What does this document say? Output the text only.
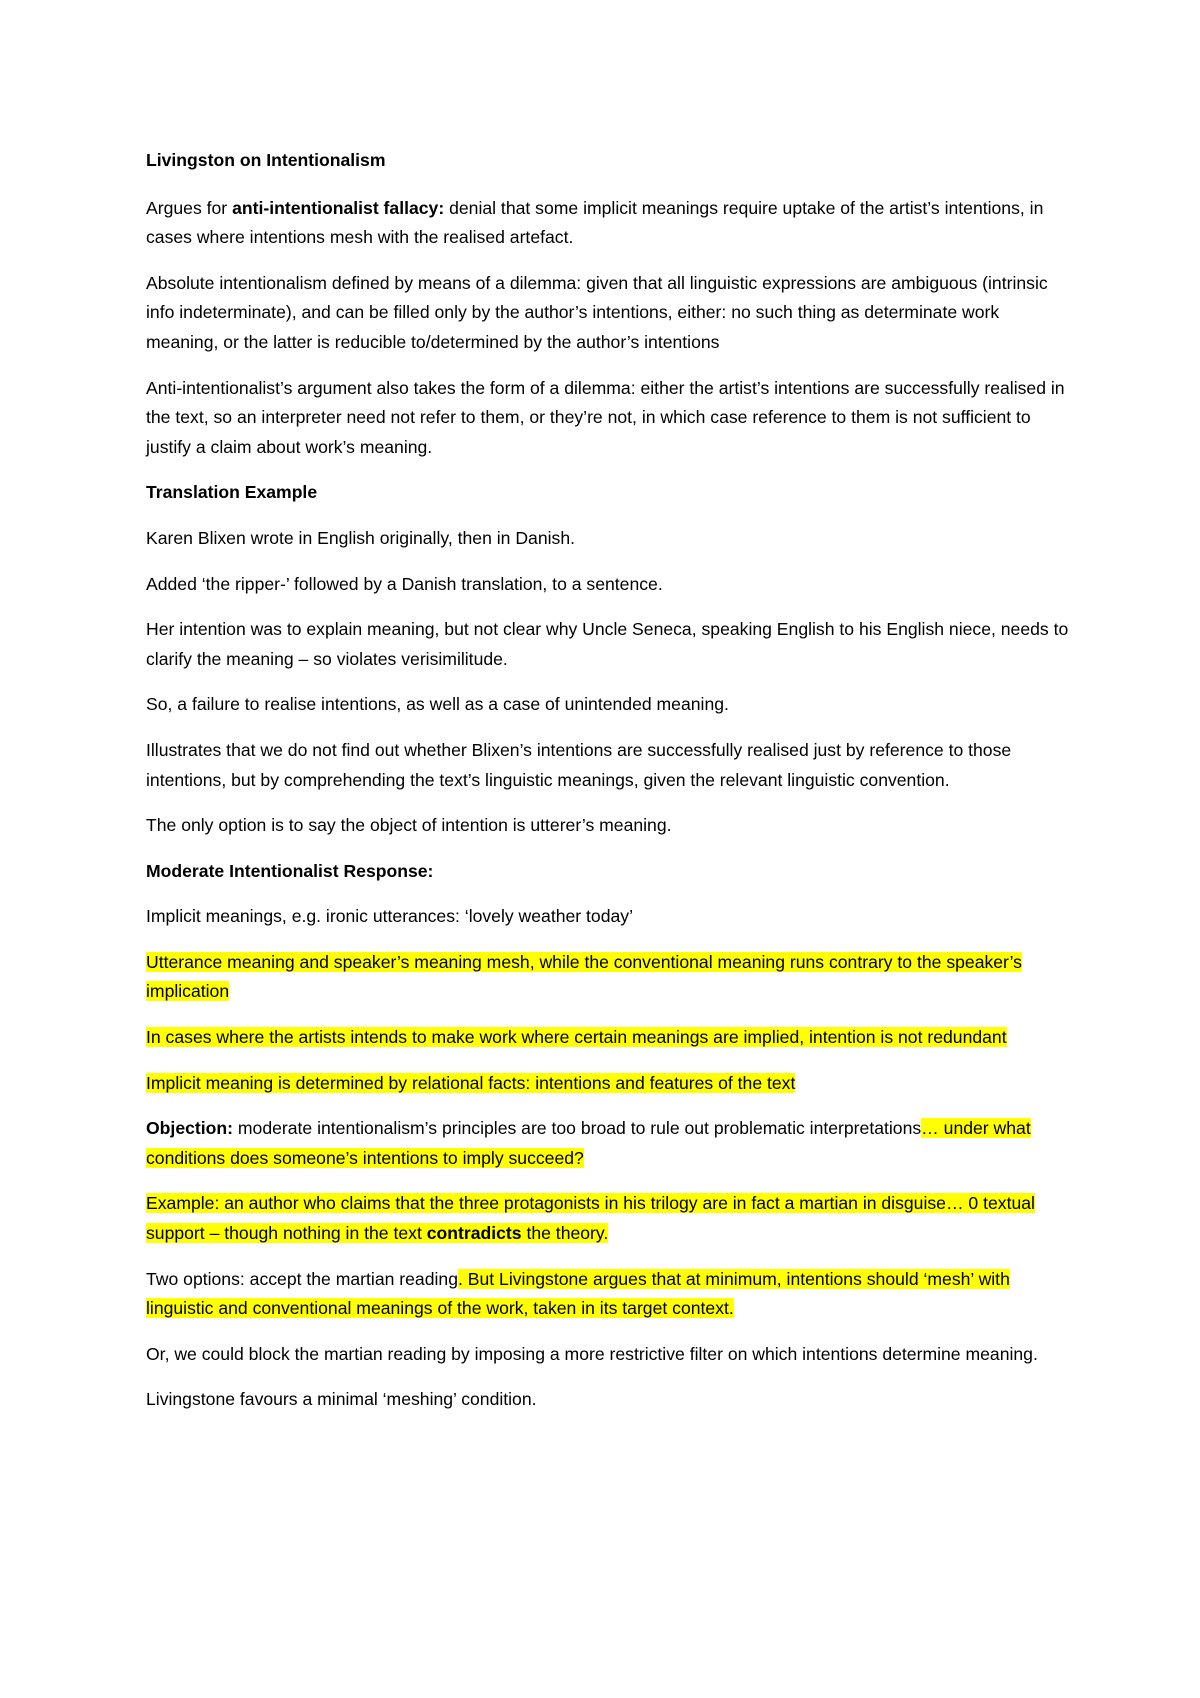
Livingston on Intentionalism
Argues for anti-intentionalist fallacy: denial that some implicit meanings require uptake of the artist’s intentions, in cases where intentions mesh with the realised artefact.
Absolute intentionalism defined by means of a dilemma: given that all linguistic expressions are ambiguous (intrinsic info indeterminate), and can be filled only by the author’s intentions, either: no such thing as determinate work meaning, or the latter is reducible to/determined by the author’s intentions
Anti-intentionalist’s argument also takes the form of a dilemma: either the artist’s intentions are successfully realised in the text, so an interpreter need not refer to them, or they’re not, in which case reference to them is not sufficient to justify a claim about work’s meaning.
Translation Example
Karen Blixen wrote in English originally, then in Danish.
Added ‘the ripper-’ followed by a Danish translation, to a sentence.
Her intention was to explain meaning, but not clear why Uncle Seneca, speaking English to his English niece, needs to clarify the meaning – so violates verisimilitude.
So, a failure to realise intentions, as well as a case of unintended meaning.
Illustrates that we do not find out whether Blixen’s intentions are successfully realised just by reference to those intentions, but by comprehending the text’s linguistic meanings, given the relevant linguistic convention.
The only option is to say the object of intention is utterer’s meaning.
Moderate Intentionalist Response:
Implicit meanings, e.g. ironic utterances: ‘lovely weather today’
Utterance meaning and speaker’s meaning mesh, while the conventional meaning runs contrary to the speaker’s implication
In cases where the artists intends to make work where certain meanings are implied, intention is not redundant
Implicit meaning is determined by relational facts: intentions and features of the text
Objection: moderate intentionalism’s principles are too broad to rule out problematic interpretations… under what conditions does someone’s intentions to imply succeed?
Example: an author who claims that the three protagonists in his trilogy are in fact a martian in disguise… 0 textual support – though nothing in the text contradicts the theory.
Two options: accept the martian reading. But Livingstone argues that at minimum, intentions should ‘mesh’ with linguistic and conventional meanings of the work, taken in its target context.
Or, we could block the martian reading by imposing a more restrictive filter on which intentions determine meaning.
Livingstone favours a minimal ‘meshing’ condition.
